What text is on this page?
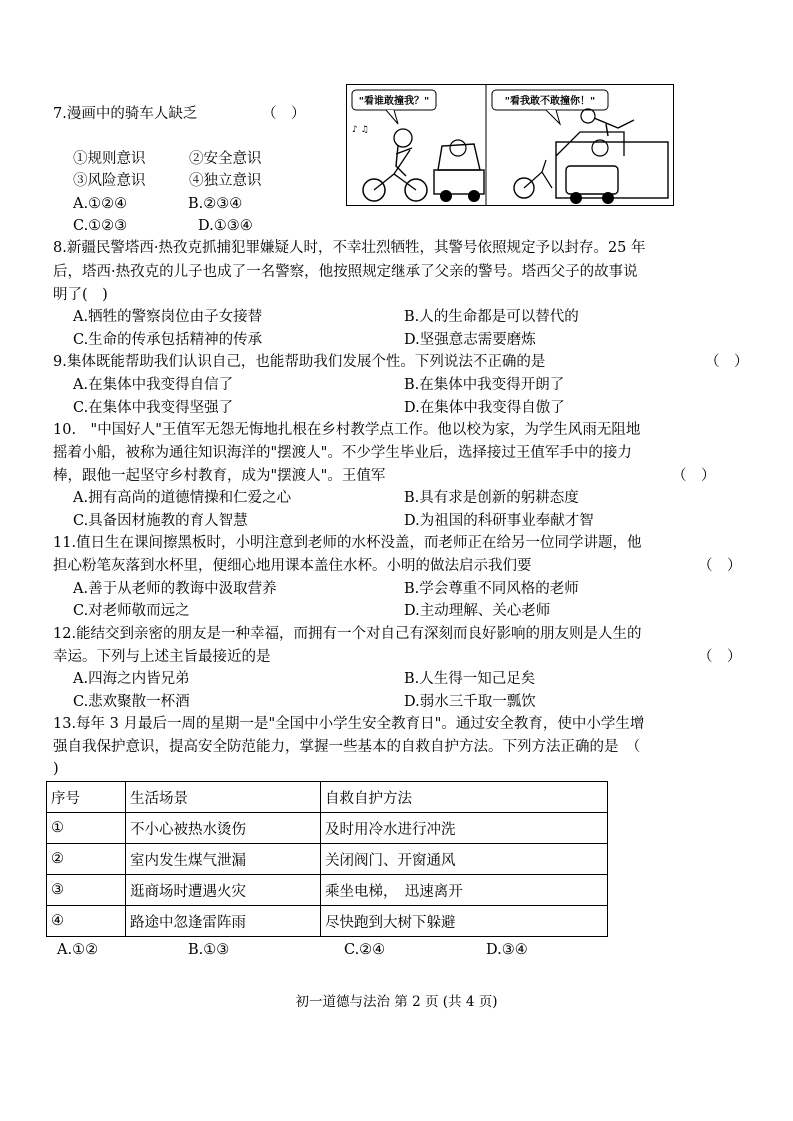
7.漫画中的骑车人缺乏	（　）
①规则意识　　　②安全意识
③风险意识　　　④独立意识
A.①②④	B.②③④
C.①②③	D.①③④
"看谁敢撞我？"
♪ ♫
"看我敢不敢撞你！"
8.新疆民警塔西·热孜克抓捕犯罪嫌疑人时，不幸壮烈牺牲，其警号依照规定予以封存。25 年
后，塔西·热孜克的儿子也成了一名警察，他按照规定继承了父亲的警号。塔西父子的故事说
明了(　)
A.牺牲的警察岗位由子女接替	B.人的生命都是可以替代的
C.生命的传承包括精神的传承	D.坚强意志需要磨炼
9.集体既能帮助我们认识自己，也能帮助我们发展个性。下列说法不正确的是	（　）
A.在集体中我变得自信了	B.在集体中我变得开朗了
C.在集体中我变得坚强了	D.在集体中我变得自傲了
10.　"中国好人"王值军无怨无悔地扎根在乡村教学点工作。他以校为家，为学生风雨无阻地
摇着小船，被称为通往知识海洋的"摆渡人"。不少学生毕业后，选择接过王值军手中的接力
棒，跟他一起坚守乡村教育，成为"摆渡人"。王值军	（　）
A.拥有高尚的道德情操和仁爱之心	B.具有求是创新的躬耕态度
C.具备因材施教的育人智慧	D.为祖国的科研事业奉献才智
11.值日生在课间擦黑板时，小明注意到老师的水杯没盖，而老师正在给另一位同学讲题，他
担心粉笔灰落到水杯里，便细心地用课本盖住水杯。小明的做法启示我们要	（　）
A.善于从老师的教诲中汲取营养	B.学会尊重不同风格的老师
C.对老师敬而远之	D.主动理解、关心老师
12.能结交到亲密的朋友是一种幸福，而拥有一个对自己有深刻而良好影响的朋友则是人生的
幸运。下列与上述主旨最接近的是	（　）
A.四海之内皆兄弟	B.人生得一知己足矣
C.悲欢聚散一杯酒	D.弱水三千取一瓢饮
13.每年 3 月最后一周的星期一是"全国中小学生安全教育日"。通过安全教育，使中小学生增
强自我保护意识，提高安全防范能力，掌握一些基本的自救自护方法。下列方法正确的是　（
)
序号	生活场景	自救自护方法
①	不小心被热水烫伤	及时用冷水进行冲洗
②	室内发生煤气泄漏	关闭阀门、开窗通风
③	逛商场时遭遇火灾	乘坐电梯，　迅速离开
④	路途中忽逢雷阵雨	尽快跑到大树下躲避
A.①②	B.①③	C.②④	D.③④
初一道德与法治 第 2 页 (共 4 页)
